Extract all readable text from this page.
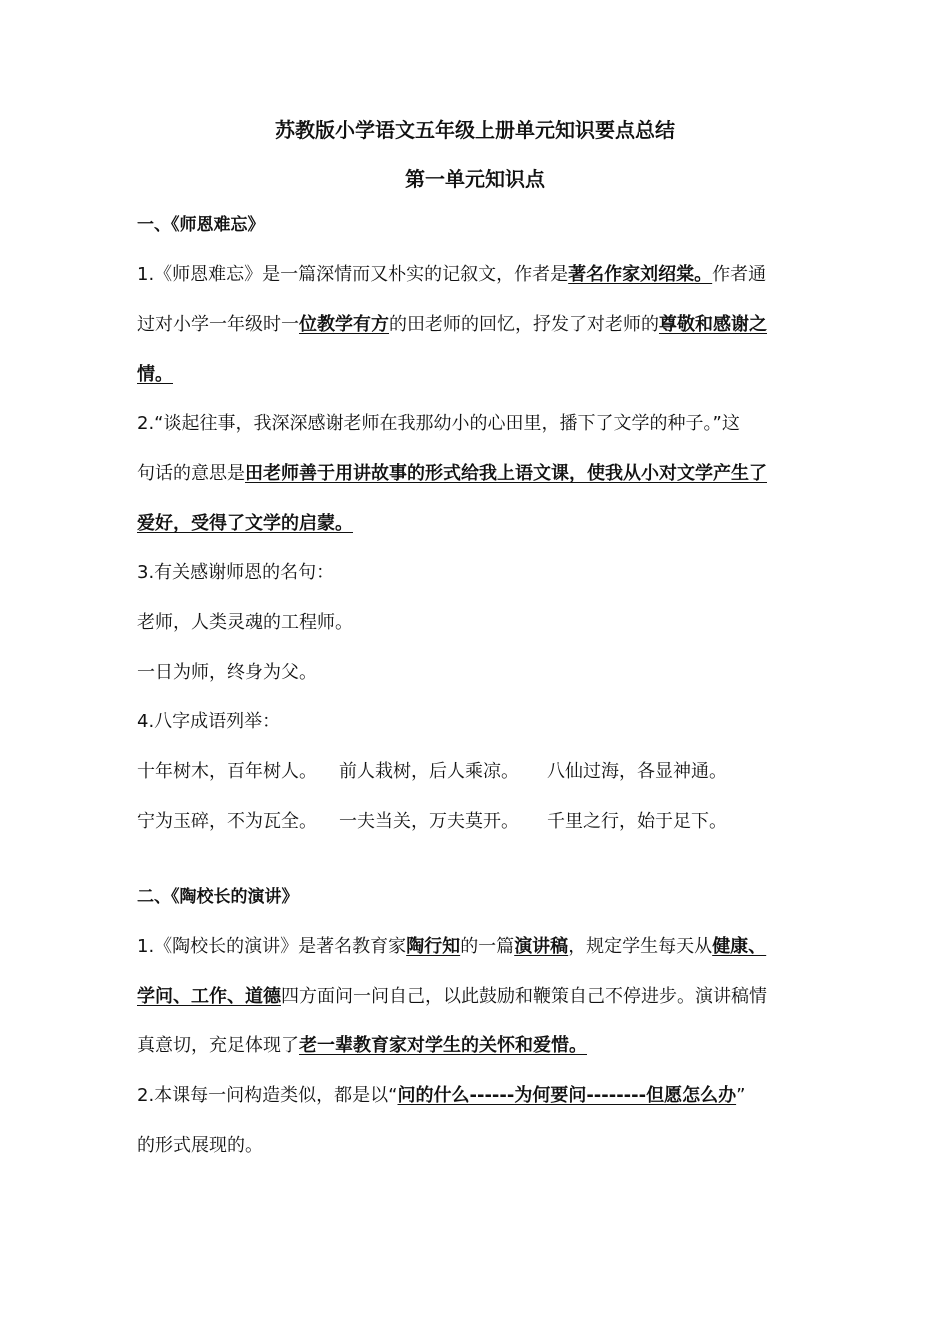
苏教版小学语文五年级上册单元知识要点总结
第一单元知识点
一、《师恩难忘》
1.《师恩难忘》是一篇深情而又朴实的记叙文，作者是著名作家刘绍棠。作者通
过对小学一年级时一位教学有方的田老师的回忆，抒发了对老师的尊敬和感谢之
情。
2.“谈起往事，我深深感谢老师在我那幼小的心田里，播下了文学的种子。”这
句话的意思是田老师善于用讲故事的形式给我上语文课，使我从小对文学产生了
爱好，受得了文学的启蒙。
3.有关感谢师恩的名句：
老师，人类灵魂的工程师。
一日为师，终身为父。
4.八字成语列举：
十年树木，百年树人。 前人栽树，后人乘凉。 八仙过海，各显神通。
宁为玉碎，不为瓦全。 一夫当关，万夫莫开。 千里之行，始于足下。
二、《陶校长的演讲》
1.《陶校长的演讲》是著名教育家陶行知的一篇演讲稿，规定学生每天从健康、
学问、工作、道德四方面问一问自己，以此鼓励和鞭策自己不停进步。演讲稿情
真意切，充足体现了老一辈教育家对学生的关怀和爱惜。
2.本课每一问构造类似，都是以“问的什么------为何要问--------但愿怎么办”
的形式展现的。
